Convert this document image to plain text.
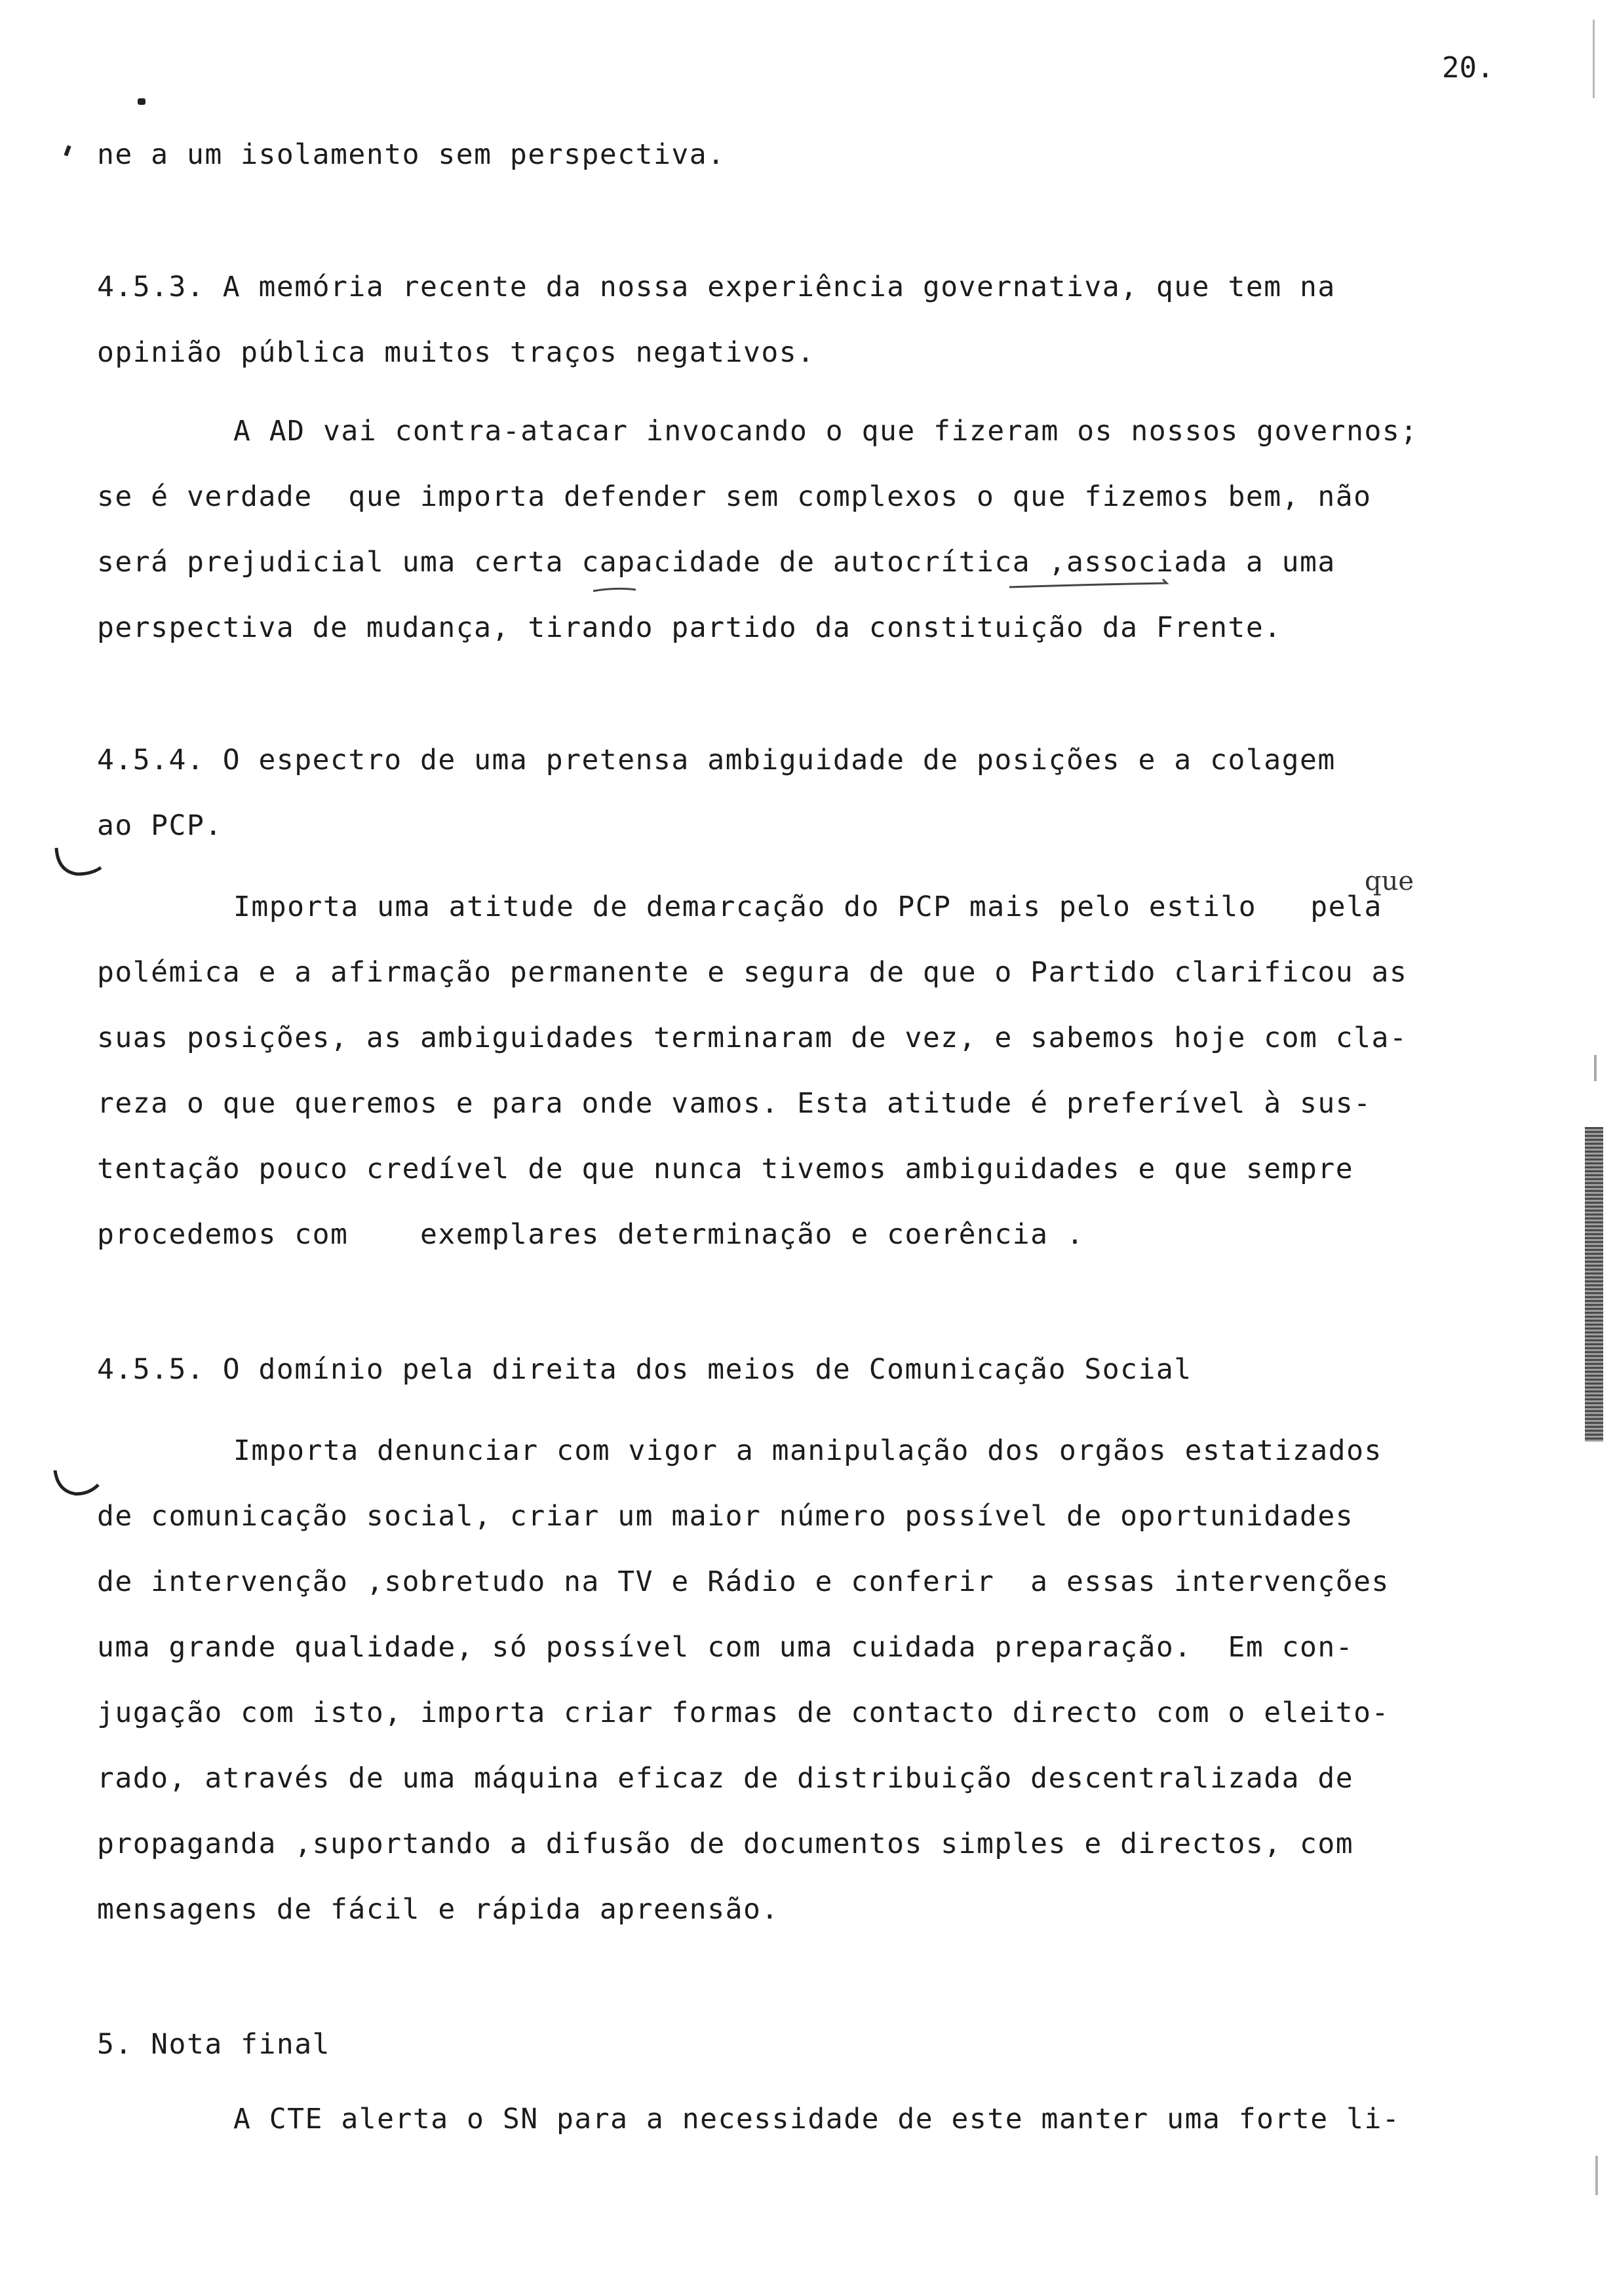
20.
ne a um isolamento sem perspectiva.
4.5.3. A memória recente da nossa experiência governativa, que tem na
opinião pública muitos traços negativos.
A AD vai contra-atacar invocando o que fizeram os nossos governos;
se é verdade  que importa defender sem complexos o que fizemos bem, não
será prejudicial uma certa capacidade de autocrítica ,associada a uma
perspectiva de mudança, tirando partido da constituição da Frente.
4.5.4. O espectro de uma pretensa ambiguidade de posições e a colagem
ao PCP.
que
Importa uma atitude de demarcação do PCP mais pelo estilo   pela
polémica e a afirmação permanente e segura de que o Partido clarificou as
suas posições, as ambiguidades terminaram de vez, e sabemos hoje com cla-
reza o que queremos e para onde vamos. Esta atitude é preferível à sus-
tentação pouco credível de que nunca tivemos ambiguidades e que sempre
procedemos com    exemplares determinação e coerência .
4.5.5. O domínio pela direita dos meios de Comunicação Social
Importa denunciar com vigor a manipulação dos orgãos estatizados
de comunicação social, criar um maior número possível de oportunidades
de intervenção ,sobretudo na TV e Rádio e conferir  a essas intervenções
uma grande qualidade, só possível com uma cuidada preparação.  Em con-
jugação com isto, importa criar formas de contacto directo com o eleito-
rado, através de uma máquina eficaz de distribuição descentralizada de
propaganda ,suportando a difusão de documentos simples e directos, com
mensagens de fácil e rápida apreensão.
5. Nota final
A CTE alerta o SN para a necessidade de este manter uma forte li-
